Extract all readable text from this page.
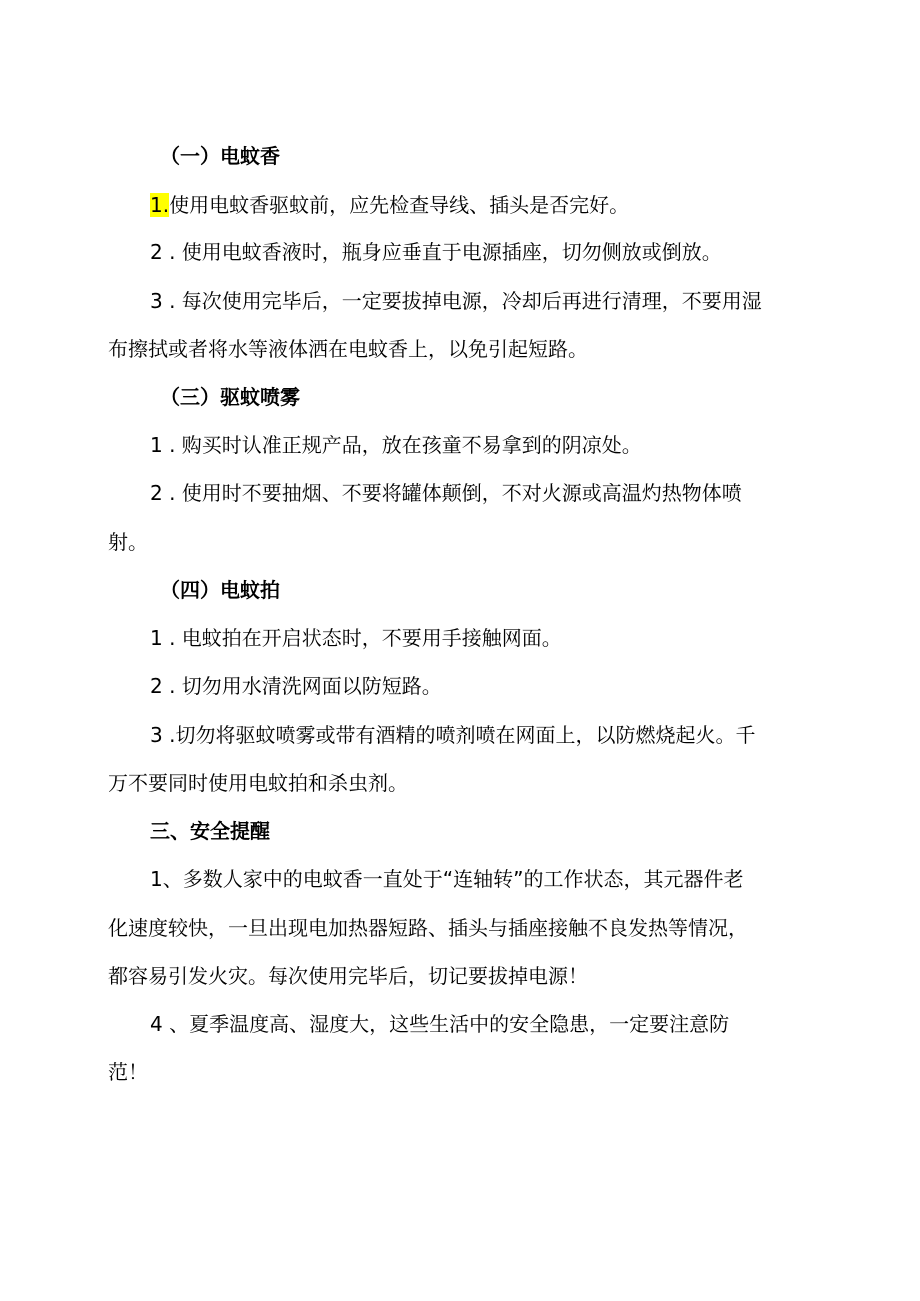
（一）电蚊香
1.使用电蚊香驱蚊前，应先检查导线、插头是否完好。
2 . 使用电蚊香液时，瓶身应垂直于电源插座，切勿侧放或倒放。
3 . 每次使用完毕后，一定要拔掉电源，冷却后再进行清理，不要用湿
布擦拭或者将水等液体洒在电蚊香上，以免引起短路。
（三）驱蚊喷雾
1 . 购买时认准正规产品，放在孩童不易拿到的阴凉处。
2 . 使用时不要抽烟、不要将罐体颠倒，不对火源或高温灼热物体喷
射。
（四）电蚊拍
1 . 电蚊拍在开启状态时，不要用手接触网面。
2 . 切勿用水清洗网面以防短路。
3 .切勿将驱蚊喷雾或带有酒精的喷剂喷在网面上，以防燃烧起火。千
万不要同时使用电蚊拍和杀虫剂。
三、安全提醒
1、多数人家中的电蚊香一直处于“连轴转”的工作状态，其元器件老
化速度较快，一旦出现电加热器短路、插头与插座接触不良发热等情况，
都容易引发火灾。每次使用完毕后，切记要拔掉电源！
4 、夏季温度高、湿度大，这些生活中的安全隐患，一定要注意防
范！
